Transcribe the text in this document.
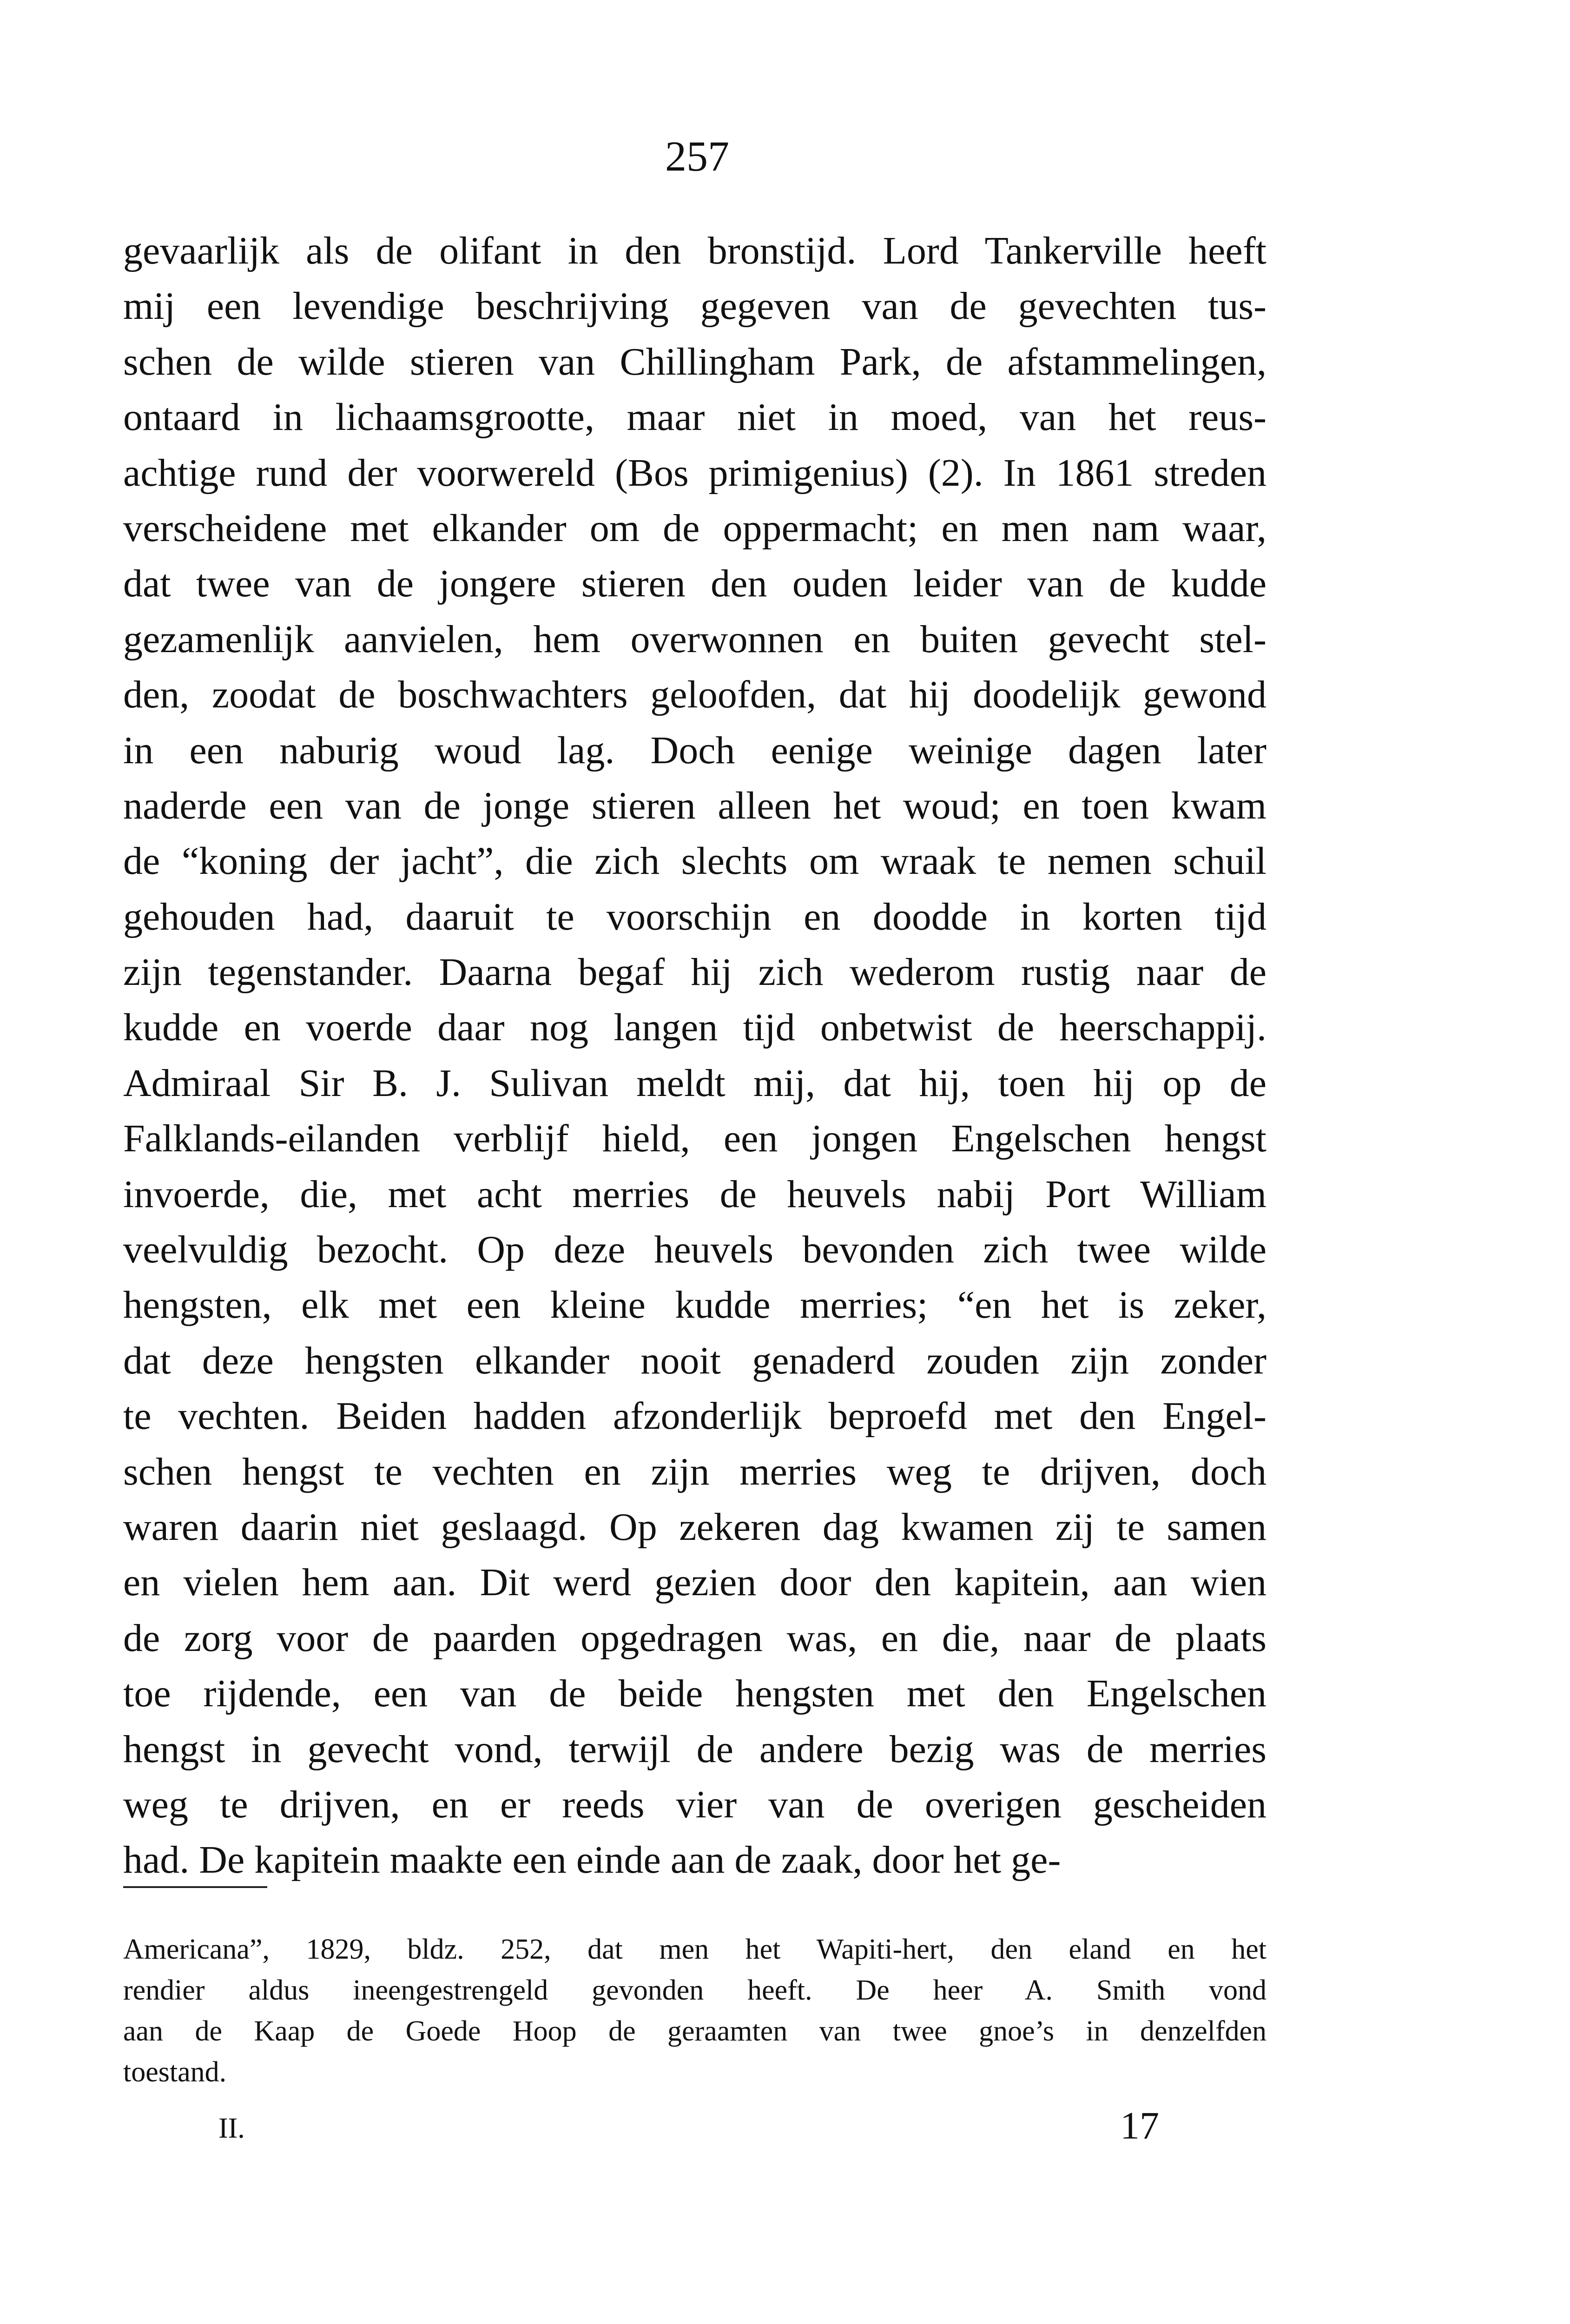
257
gevaarlijk als de olifant in den bronstijd. Lord Tankerville heeft
mij een levendige beschrijving gegeven van de gevechten tus-
schen de wilde stieren van Chillingham Park, de afstammelingen,
ontaard in lichaamsgrootte, maar niet in moed, van het reus-
achtige rund der voorwereld (Bos primigenius) (2). In 1861 streden
verscheidene met elkander om de oppermacht; en men nam waar,
dat twee van de jongere stieren den ouden leider van de kudde
gezamenlijk aanvielen, hem overwonnen en buiten gevecht stel-
den, zoodat de boschwachters geloofden, dat hij doodelijk gewond
in een naburig woud lag. Doch eenige weinige dagen later
naderde een van de jonge stieren alleen het woud; en toen kwam
de “koning der jacht”, die zich slechts om wraak te nemen schuil
gehouden had, daaruit te voorschijn en doodde in korten tijd
zijn tegenstander. Daarna begaf hij zich wederom rustig naar de
kudde en voerde daar nog langen tijd onbetwist de heerschappij.
Admiraal Sir B. J. Sulivan meldt mij, dat hij, toen hij op de
Falklands-eilanden verblijf hield, een jongen Engelschen hengst
invoerde, die, met acht merries de heuvels nabij Port William
veelvuldig bezocht. Op deze heuvels bevonden zich twee wilde
hengsten, elk met een kleine kudde merries; “en het is zeker,
dat deze hengsten elkander nooit genaderd zouden zijn zonder
te vechten. Beiden hadden afzonderlijk beproefd met den Engel-
schen hengst te vechten en zijn merries weg te drijven, doch
waren daarin niet geslaagd. Op zekeren dag kwamen zij te samen
en vielen hem aan. Dit werd gezien door den kapitein, aan wien
de zorg voor de paarden opgedragen was, en die, naar de plaats
toe rijdende, een van de beide hengsten met den Engelschen
hengst in gevecht vond, terwijl de andere bezig was de merries
weg te drijven, en er reeds vier van de overigen gescheiden
had. De kapitein maakte een einde aan de zaak, door het ge-
Americana”, 1829, bldz. 252, dat men het Wapiti-hert, den eland en het
rendier aldus ineengestrengeld gevonden heeft. De heer A. Smith vond
aan de Kaap de Goede Hoop de geraamten van twee gnoe’s in denzelfden
toestand.
II.	17
